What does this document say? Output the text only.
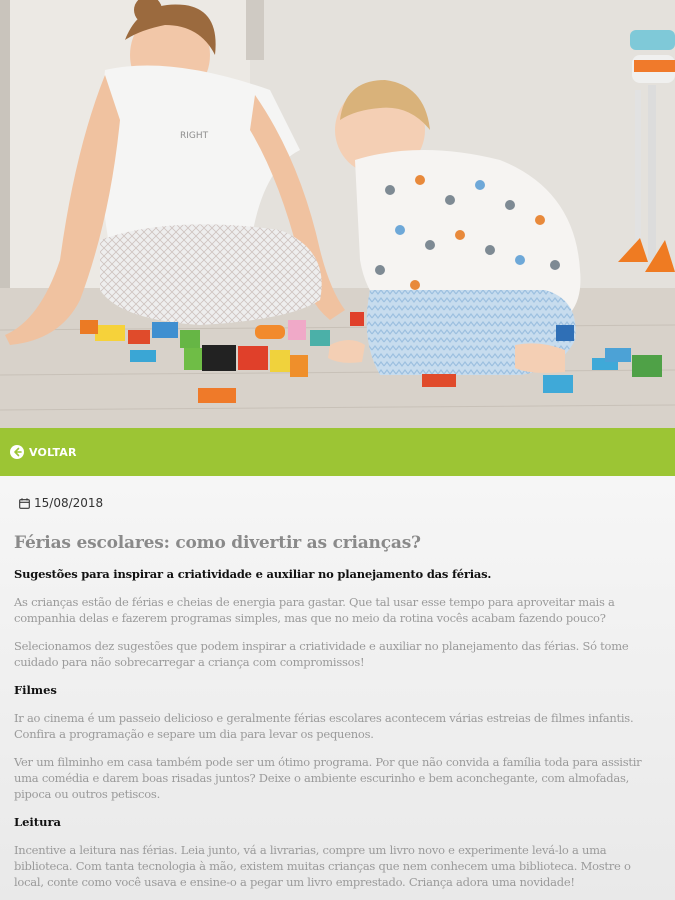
RIGHT
VOLTAR
15/08/2018
Férias escolares: como divertir as crianças?

Sugestões para inspirar a criatividade e auxiliar no planejamento das férias.

As crianças estão de férias e cheias de energia para gastar. Que tal usar esse tempo para aproveitar mais a companhia delas e fazerem programas simples, mas que no meio da rotina vocês acabam fazendo pouco?

Selecionamos dez sugestões que podem inspirar a criatividade e auxiliar no planejamento das férias. Só tome cuidado para não sobrecarregar a criança com compromissos!

Filmes

Ir ao cinema é um passeio delicioso e geralmente férias escolares acontecem várias estreias de filmes infantis. Confira a programação e separe um dia para levar os pequenos.

Ver um filminho em casa também pode ser um ótimo programa. Por que não convida a família toda para assistir uma comédia e darem boas risadas juntos? Deixe o ambiente escurinho e bem aconchegante, com almofadas, pipoca ou outros petiscos.

Leitura

Incentive a leitura nas férias. Leia junto, vá a livrarias, compre um livro novo e experimente levá-lo a uma biblioteca. Com tanta tecnologia à mão, existem muitas crianças que nem conhecem uma biblioteca. Mostre o local, conte como você usava e ensine-o a pegar um livro emprestado. Criança adora uma novidade!
